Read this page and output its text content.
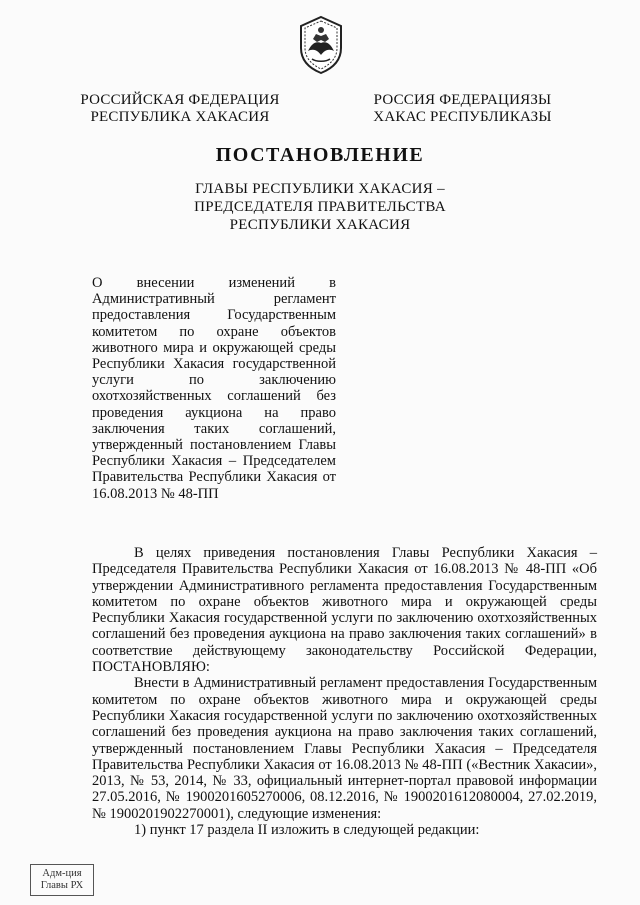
РОССИЙСКАЯ ФЕДЕРАЦИЯ
РЕСПУБЛИКА ХАКАСИЯ
РОССИЯ ФЕДЕРАЦИЯЗЫ
ХАКАС РЕСПУБЛИКАЗЫ
ПОСТАНОВЛЕНИЕ
ГЛАВЫ РЕСПУБЛИКИ ХАКАСИЯ –
ПРЕДСЕДАТЕЛЯ ПРАВИТЕЛЬСТВА
РЕСПУБЛИКИ ХАКАСИЯ
О внесении изменений в Административный регламент предоставления Государственным комитетом по охране объектов животного мира и окружающей среды Республики Хакасия государственной услуги по заключению охотхозяйственных соглашений без проведения аукциона на право заключения таких соглашений, утвержденный постановлением Главы Республики Хакасия – Председателем Правительства Республики Хакасия от 16.08.2013 № 48-ПП

В целях приведения постановления Главы Республики Хакасия – Председателя Правительства Республики Хакасия от 16.08.2013 № 48-ПП «Об утверждении Административного регламента предоставления Государственным комитетом по охране объектов животного мира и окружающей среды Республики Хакасия государственной услуги по заключению охотхозяйственных соглашений без проведения аукциона на право заключения таких соглашений» в соответствие действующему законодательству Российской Федерации, ПОСТАНОВЛЯЮ:

Внести в Административный регламент предоставления Государственным комитетом по охране объектов животного мира и окружающей среды Республики Хакасия государственной услуги по заключению охотхозяйственных соглашений без проведения аукциона на право заключения таких соглашений, утвержденный постановлением Главы Республики Хакасия – Председателя Правительства Республики Хакасия от 16.08.2013 № 48-ПП («Вестник Хакасии», 2013, № 53, 2014, № 33, официальный интернет-портал правовой информации 27.05.2016, № 1900201605270006, 08.12.2016, № 1900201612080004, 27.02.2019, № 1900201902270001), следующие изменения:

1) пункт 17 раздела II изложить в следующей редакции:

Адм-ция
Главы РХ
